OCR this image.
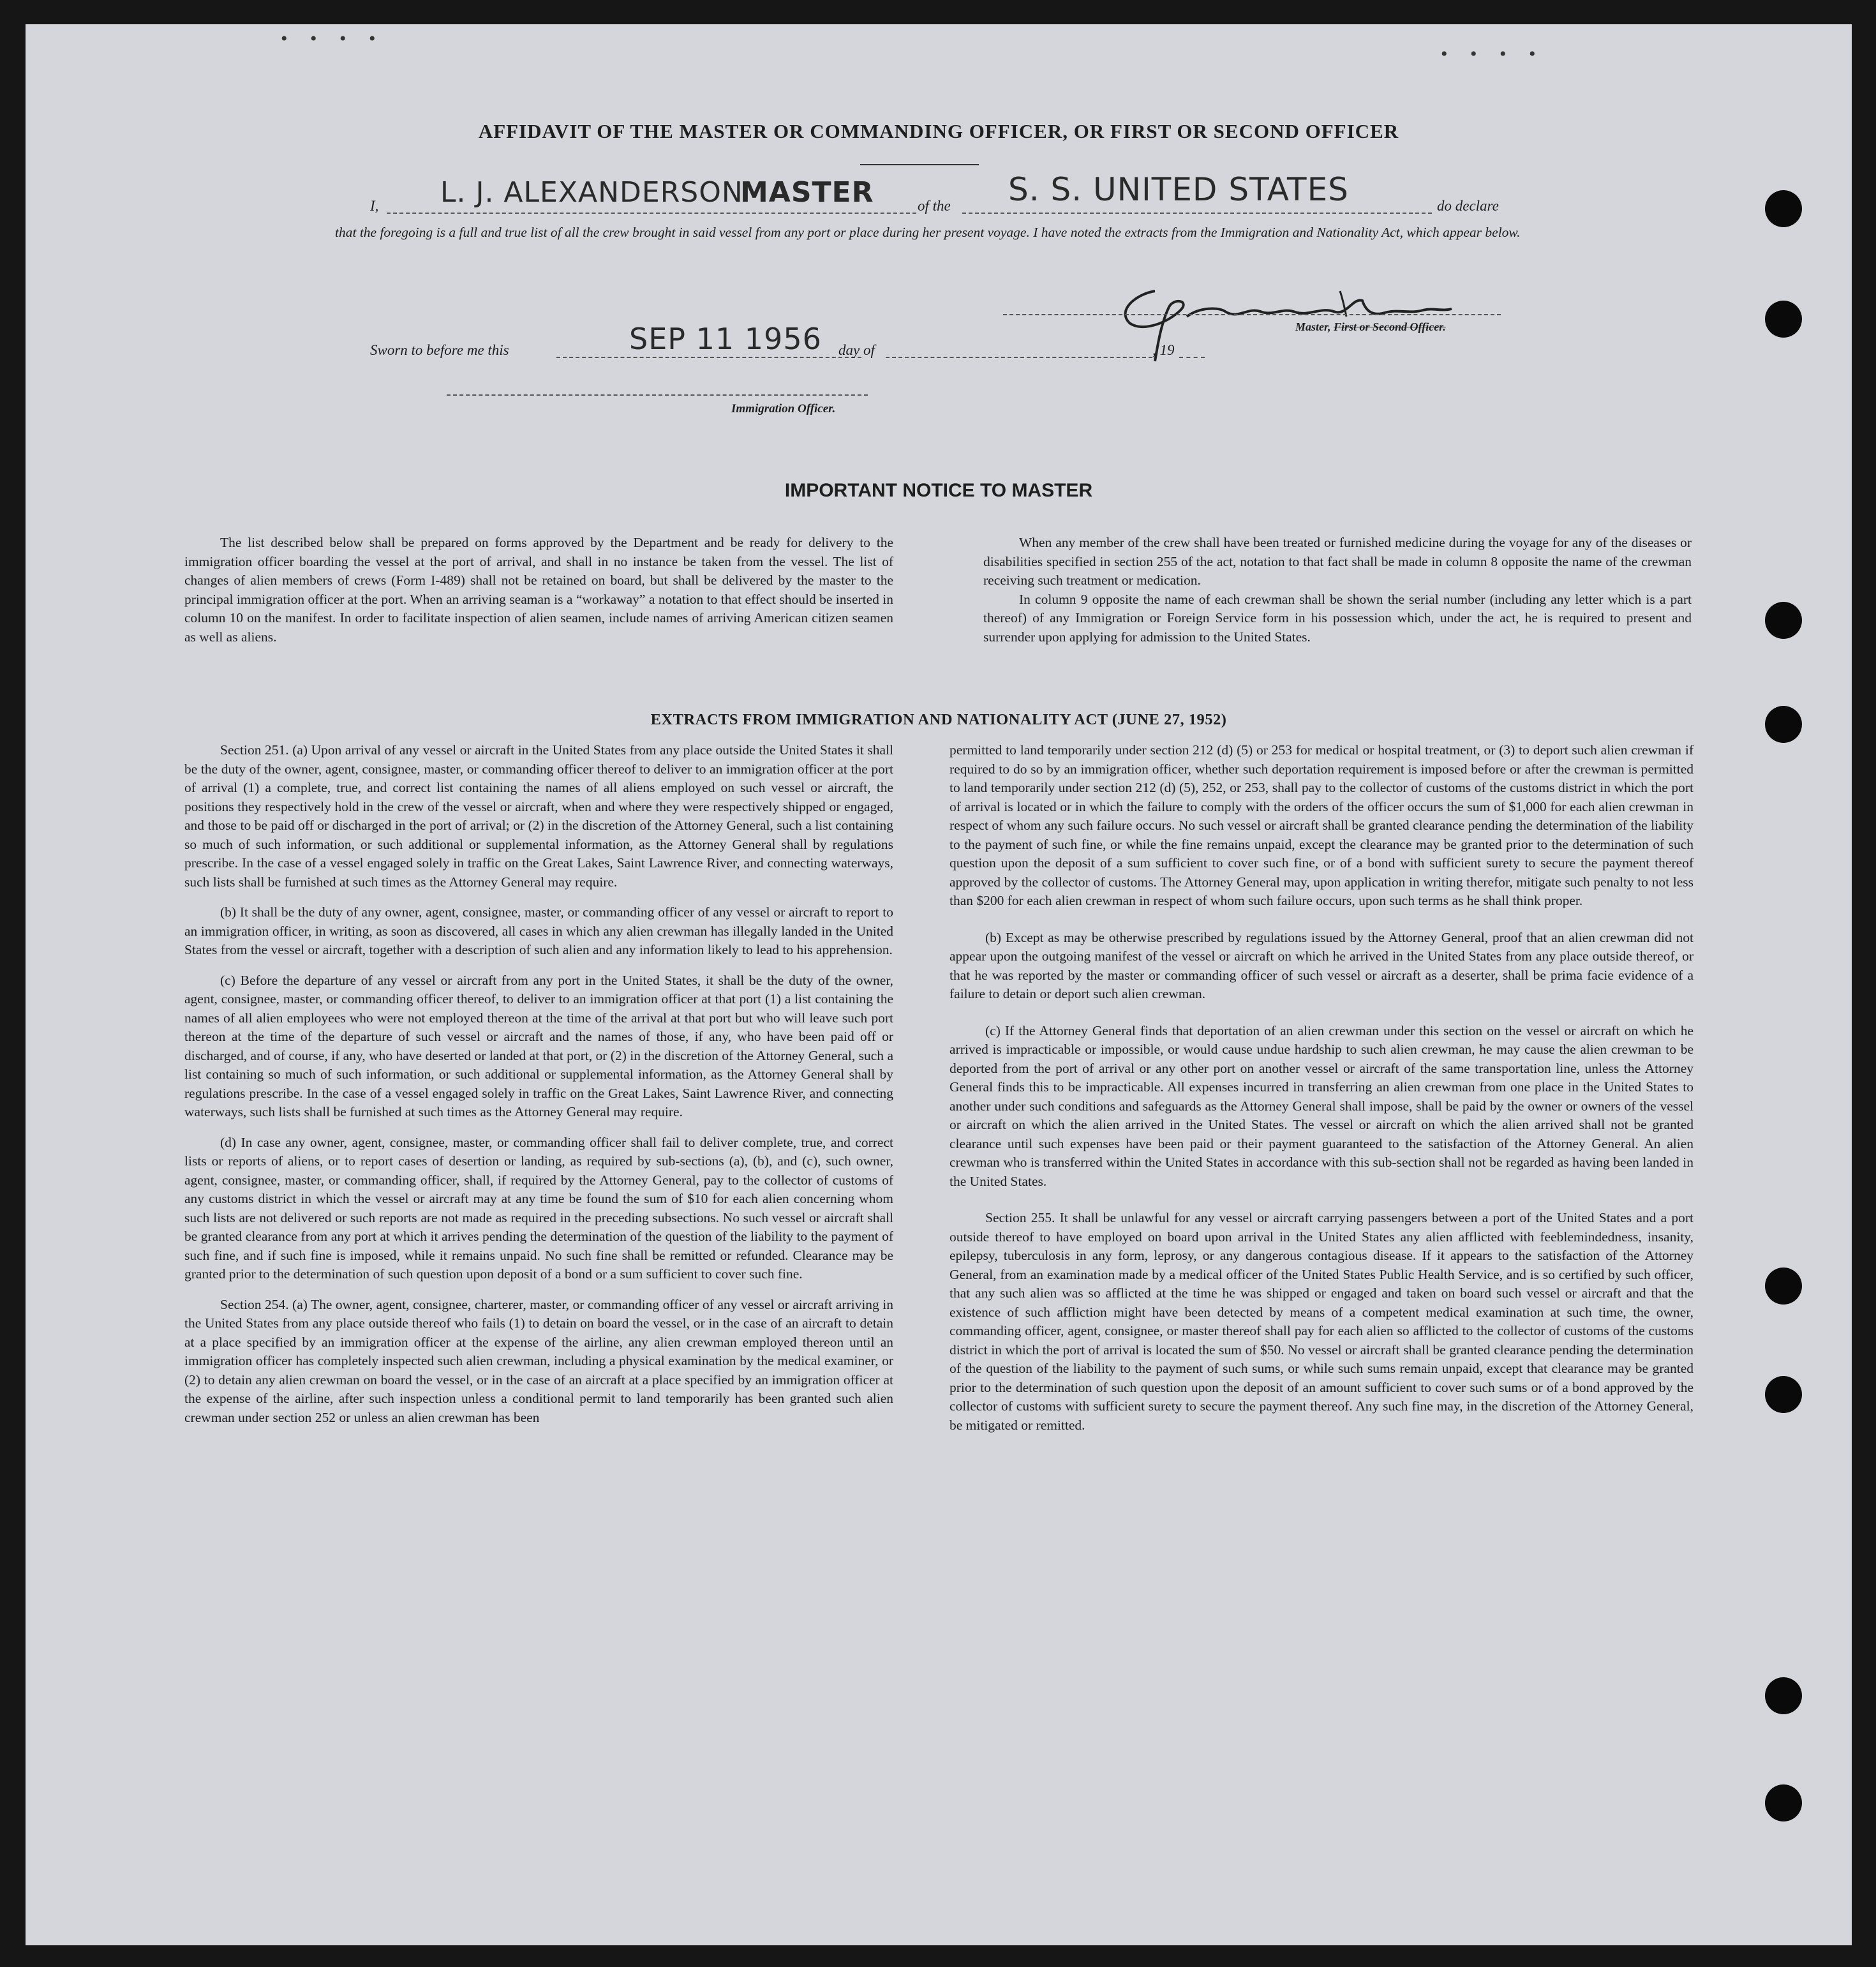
• • • •
• • • •
AFFIDAVIT OF THE MASTER OR COMMANDING OFFICER, OR FIRST OR SECOND OFFICER
I, L. J. ALEXANDERSON
MASTER	of the S. S. UNITED STATES	do declare
that the foregoing is a full and true list of all the crew brought in said vessel from any port or place during her present voyage. I have noted the extracts from the Immigration and Nationality Act, which appear below.
Master, First or Second Officer.
Sworn to before me this	SEP 11 1956 day of	, 19
Immigration Officer.
IMPORTANT NOTICE TO MASTER

The list described below shall be prepared on forms approved by the Department and be ready for delivery to the immigration officer boarding the vessel at the port of arrival, and shall in no instance be taken from the vessel. The list of changes of alien members of crews (Form I-489) shall not be retained on board, but shall be delivered by the master to the principal immigration officer at the port. When an arriving seaman is a “workaway” a notation to that effect should be inserted in column 10 on the manifest. In order to facilitate inspection of alien seamen, include names of arriving American citizen seamen as well as aliens.

When any member of the crew shall have been treated or furnished medicine during the voyage for any of the diseases or disabilities specified in section 255 of the act, notation to that fact shall be made in column 8 opposite the name of the crewman receiving such treatment or medication.

In column 9 opposite the name of each crewman shall be shown the serial number (including any letter which is a part thereof) of any Immigration or Foreign Service form in his possession which, under the act, he is required to present and surrender upon applying for admission to the United States.

EXTRACTS FROM IMMIGRATION AND NATIONALITY ACT (JUNE 27, 1952)

Section 251. (a) Upon arrival of any vessel or aircraft in the United States from any place outside the United States it shall be the duty of the owner, agent, consignee, master, or commanding officer thereof to deliver to an immigration officer at the port of arrival (1) a complete, true, and correct list containing the names of all aliens employed on such vessel or aircraft, the positions they respectively hold in the crew of the vessel or aircraft, when and where they were respectively shipped or engaged, and those to be paid off or discharged in the port of arrival; or (2) in the discretion of the Attorney General, such a list containing so much of such information, or such additional or supplemental information, as the Attorney General shall by regulations prescribe. In the case of a vessel engaged solely in traffic on the Great Lakes, Saint Lawrence River, and connecting waterways, such lists shall be furnished at such times as the Attorney General may require.

(b) It shall be the duty of any owner, agent, consignee, master, or commanding officer of any vessel or aircraft to report to an immigration officer, in writing, as soon as discovered, all cases in which any alien crewman has illegally landed in the United States from the vessel or aircraft, together with a description of such alien and any information likely to lead to his apprehension.

(c) Before the departure of any vessel or aircraft from any port in the United States, it shall be the duty of the owner, agent, consignee, master, or commanding officer thereof, to deliver to an immigration officer at that port (1) a list containing the names of all alien employees who were not employed thereon at the time of the arrival at that port but who will leave such port thereon at the time of the departure of such vessel or aircraft and the names of those, if any, who have been paid off or discharged, and of course, if any, who have deserted or landed at that port, or (2) in the discretion of the Attorney General, such a list containing so much of such information, or such additional or supplemental information, as the Attorney General shall by regulations prescribe. In the case of a vessel engaged solely in traffic on the Great Lakes, Saint Lawrence River, and connecting waterways, such lists shall be furnished at such times as the Attorney General may require.

(d) In case any owner, agent, consignee, master, or commanding officer shall fail to deliver complete, true, and correct lists or reports of aliens, or to report cases of desertion or landing, as required by sub-sections (a), (b), and (c), such owner, agent, consignee, master, or commanding officer, shall, if required by the Attorney General, pay to the collector of customs of any customs district in which the vessel or aircraft may at any time be found the sum of $10 for each alien concerning whom such lists are not delivered or such reports are not made as required in the preceding subsections. No such vessel or aircraft shall be granted clearance from any port at which it arrives pending the determination of the question of the liability to the payment of such fine, and if such fine is imposed, while it remains unpaid. No such fine shall be remitted or refunded. Clearance may be granted prior to the determination of such question upon deposit of a bond or a sum sufficient to cover such fine.

Section 254. (a) The owner, agent, consignee, charterer, master, or commanding officer of any vessel or aircraft arriving in the United States from any place outside thereof who fails (1) to detain on board the vessel, or in the case of an aircraft to detain at a place specified by an immigration officer at the expense of the airline, any alien crewman employed thereon until an immigration officer has completely inspected such alien crewman, including a physical examination by the medical examiner, or (2) to detain any alien crewman on board the vessel, or in the case of an aircraft at a place specified by an immigration officer at the expense of the airline, after such inspection unless a conditional permit to land temporarily has been granted such alien crewman under section 252 or unless an alien crewman has been

permitted to land temporarily under section 212 (d) (5) or 253 for medical or hospital treatment, or (3) to deport such alien crewman if required to do so by an immigration officer, whether such deportation requirement is imposed before or after the crewman is permitted to land temporarily under section 212 (d) (5), 252, or 253, shall pay to the collector of customs of the customs district in which the port of arrival is located or in which the failure to comply with the orders of the officer occurs the sum of $1,000 for each alien crewman in respect of whom any such failure occurs. No such vessel or aircraft shall be granted clearance pending the determination of the liability to the payment of such fine, or while the fine remains unpaid, except the clearance may be granted prior to the determination of such question upon the deposit of a sum sufficient to cover such fine, or of a bond with sufficient surety to secure the payment thereof approved by the collector of customs. The Attorney General may, upon application in writing therefor, mitigate such penalty to not less than $200 for each alien crewman in respect of whom such failure occurs, upon such terms as he shall think proper.

(b) Except as may be otherwise prescribed by regulations issued by the Attorney General, proof that an alien crewman did not appear upon the outgoing manifest of the vessel or aircraft on which he arrived in the United States from any place outside thereof, or that he was reported by the master or commanding officer of such vessel or aircraft as a deserter, shall be prima facie evidence of a failure to detain or deport such alien crewman.

(c) If the Attorney General finds that deportation of an alien crewman under this section on the vessel or aircraft on which he arrived is impracticable or impossible, or would cause undue hardship to such alien crewman, he may cause the alien crewman to be deported from the port of arrival or any other port on another vessel or aircraft of the same transportation line, unless the Attorney General finds this to be impracticable. All expenses incurred in transferring an alien crewman from one place in the United States to another under such conditions and safeguards as the Attorney General shall impose, shall be paid by the owner or owners of the vessel or aircraft on which the alien arrived in the United States. The vessel or aircraft on which the alien arrived shall not be granted clearance until such expenses have been paid or their payment guaranteed to the satisfaction of the Attorney General. An alien crewman who is transferred within the United States in accordance with this sub-section shall not be regarded as having been landed in the United States.

Section 255. It shall be unlawful for any vessel or aircraft carrying passengers between a port of the United States and a port outside thereof to have employed on board upon arrival in the United States any alien afflicted with feeblemindedness, insanity, epilepsy, tuberculosis in any form, leprosy, or any dangerous contagious disease. If it appears to the satisfaction of the Attorney General, from an examination made by a medical officer of the United States Public Health Service, and is so certified by such officer, that any such alien was so afflicted at the time he was shipped or engaged and taken on board such vessel or aircraft and that the existence of such affliction might have been detected by means of a competent medical examination at such time, the owner, commanding officer, agent, consignee, or master thereof shall pay for each alien so afflicted to the collector of customs of the customs district in which the port of arrival is located the sum of $50. No vessel or aircraft shall be granted clearance pending the determination of the question of the liability to the payment of such sums, or while such sums remain unpaid, except that clearance may be granted prior to the determination of such question upon the deposit of an amount sufficient to cover such sums or of a bond approved by the collector of customs with sufficient surety to secure the payment thereof. Any such fine may, in the discretion of the Attorney General, be mitigated or remitted.
